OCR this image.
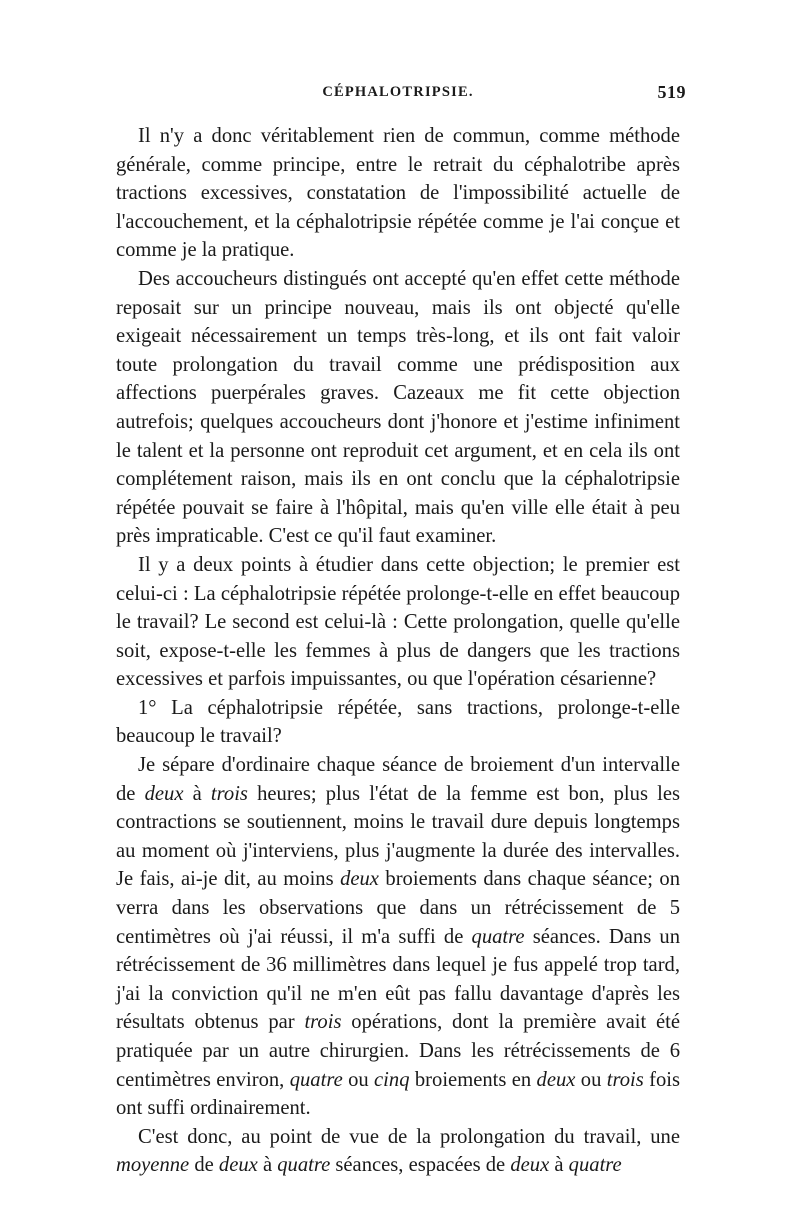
CÉPHALOTRIPSIE.	519

Il n'y a donc véritablement rien de commun, comme méthode générale, comme principe, entre le retrait du céphalotribe après tractions excessives, constatation de l'impossibilité actuelle de l'accouchement, et la céphalotripsie répétée comme je l'ai conçue et comme je la pratique.

Des accoucheurs distingués ont accepté qu'en effet cette méthode reposait sur un principe nouveau, mais ils ont objecté qu'elle exigeait nécessairement un temps très-long, et ils ont fait valoir toute prolongation du travail comme une prédisposition aux affections puerpérales graves. Cazeaux me fit cette objection autrefois; quelques accoucheurs dont j'honore et j'estime infiniment le talent et la personne ont reproduit cet argument, et en cela ils ont complétement raison, mais ils en ont conclu que la céphalotripsie répétée pouvait se faire à l'hôpital, mais qu'en ville elle était à peu près impraticable. C'est ce qu'il faut examiner.

Il y a deux points à étudier dans cette objection; le premier est celui-ci : La céphalotripsie répétée prolonge-t-elle en effet beaucoup le travail? Le second est celui-là : Cette prolongation, quelle qu'elle soit, expose-t-elle les femmes à plus de dangers que les tractions excessives et parfois impuissantes, ou que l'opération césarienne?

1° La céphalotripsie répétée, sans tractions, prolonge-t-elle beaucoup le travail?

Je sépare d'ordinaire chaque séance de broiement d'un intervalle de deux à trois heures; plus l'état de la femme est bon, plus les contractions se soutiennent, moins le travail dure depuis longtemps au moment où j'interviens, plus j'augmente la durée des intervalles. Je fais, ai-je dit, au moins deux broiements dans chaque séance; on verra dans les observations que dans un rétrécissement de 5 centimètres où j'ai réussi, il m'a suffi de quatre séances. Dans un rétrécissement de 36 millimètres dans lequel je fus appelé trop tard, j'ai la conviction qu'il ne m'en eût pas fallu davantage d'après les résultats obtenus par trois opérations, dont la première avait été pratiquée par un autre chirurgien. Dans les rétrécissements de 6 centimètres environ, quatre ou cinq broiements en deux ou trois fois ont suffi ordinairement.

C'est donc, au point de vue de la prolongation du travail, une moyenne de deux à quatre séances, espacées de deux à quatre
